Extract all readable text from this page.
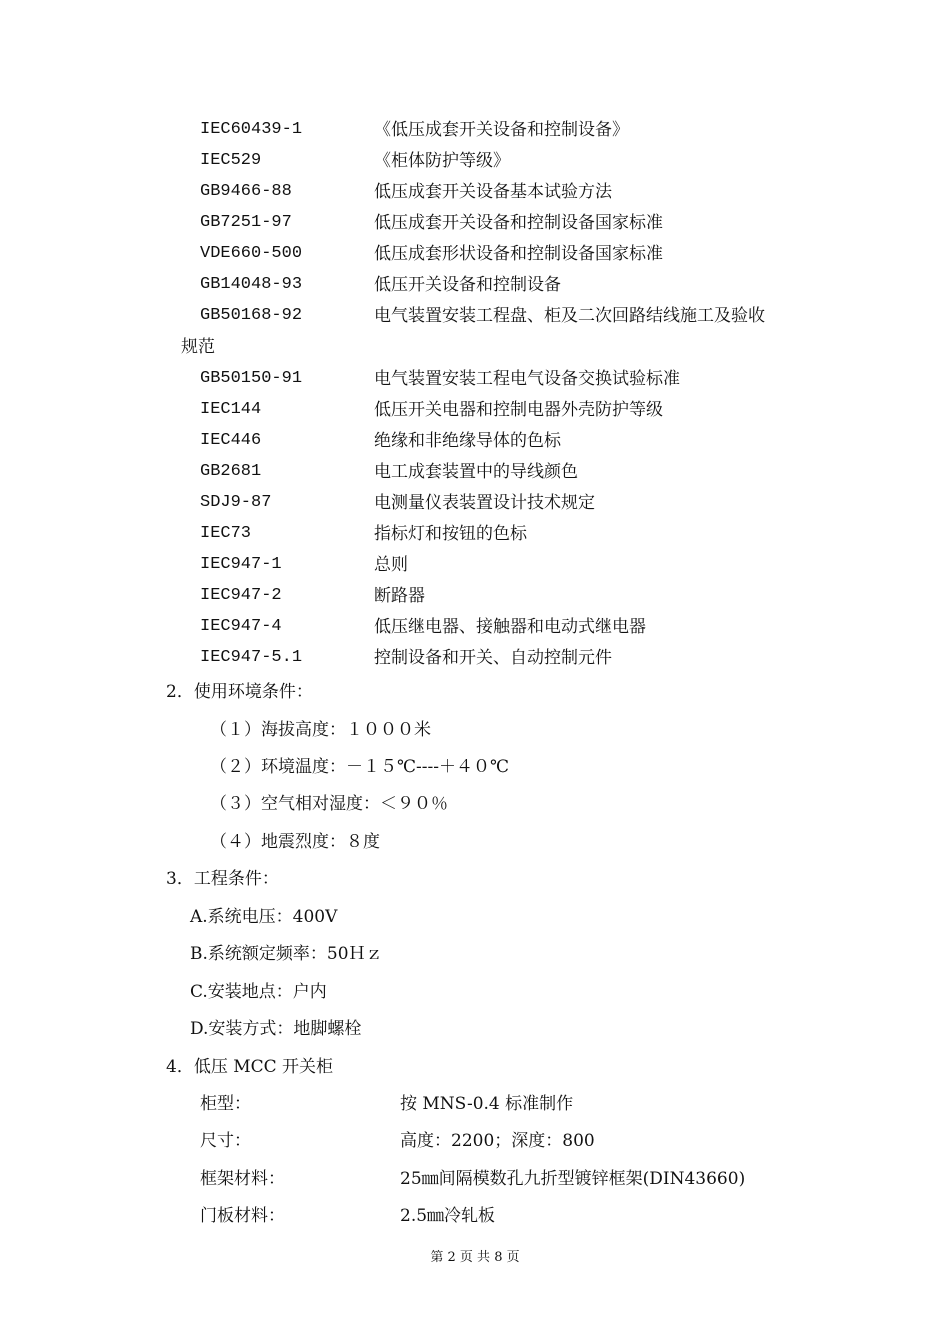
IEC60439-1	《低压成套开关设备和控制设备》
IEC529	《柜体防护等级》
GB9466-88	低压成套开关设备基本试验方法
GB7251-97	低压成套开关设备和控制设备国家标准
VDE660-500	低压成套形状设备和控制设备国家标准
GB14048-93	低压开关设备和控制设备
GB50168-92	电气装置安装工程盘、柜及二次回路结线施工及验收
规范
GB50150-91	电气装置安装工程电气设备交换试验标准
IEC144	低压开关电器和控制电器外壳防护等级
IEC446	绝缘和非绝缘导体的色标
GB2681	电工成套装置中的导线颜色
SDJ9-87	电测量仪表装置设计技术规定
IEC73	指标灯和按钮的色标
IEC947-1	总则
IEC947-2	断路器
IEC947-4	低压继电器、接触器和电动式继电器
IEC947-5.1	控制设备和开关、自动控制元件
2．使用环境条件：
（１）海拔高度：１０００米
（２）环境温度：－１５℃----＋４０℃
（３）空气相对湿度：＜９０％
（４）地震烈度：８度
3．工程条件：
A.系统电压：400V
B.系统额定频率：50Ｈｚ
C.安装地点：户内
D.安装方式：地脚螺栓
4．低压 MCC 开关柜
柜型：	按 MNS-0.4 标准制作
尺寸：	高度：2200；深度：800
框架材料：	25㎜间隔模数孔九折型镀锌框架(DIN43660)
门板材料：	2.5㎜冷轧板
第 2 页 共 8 页
